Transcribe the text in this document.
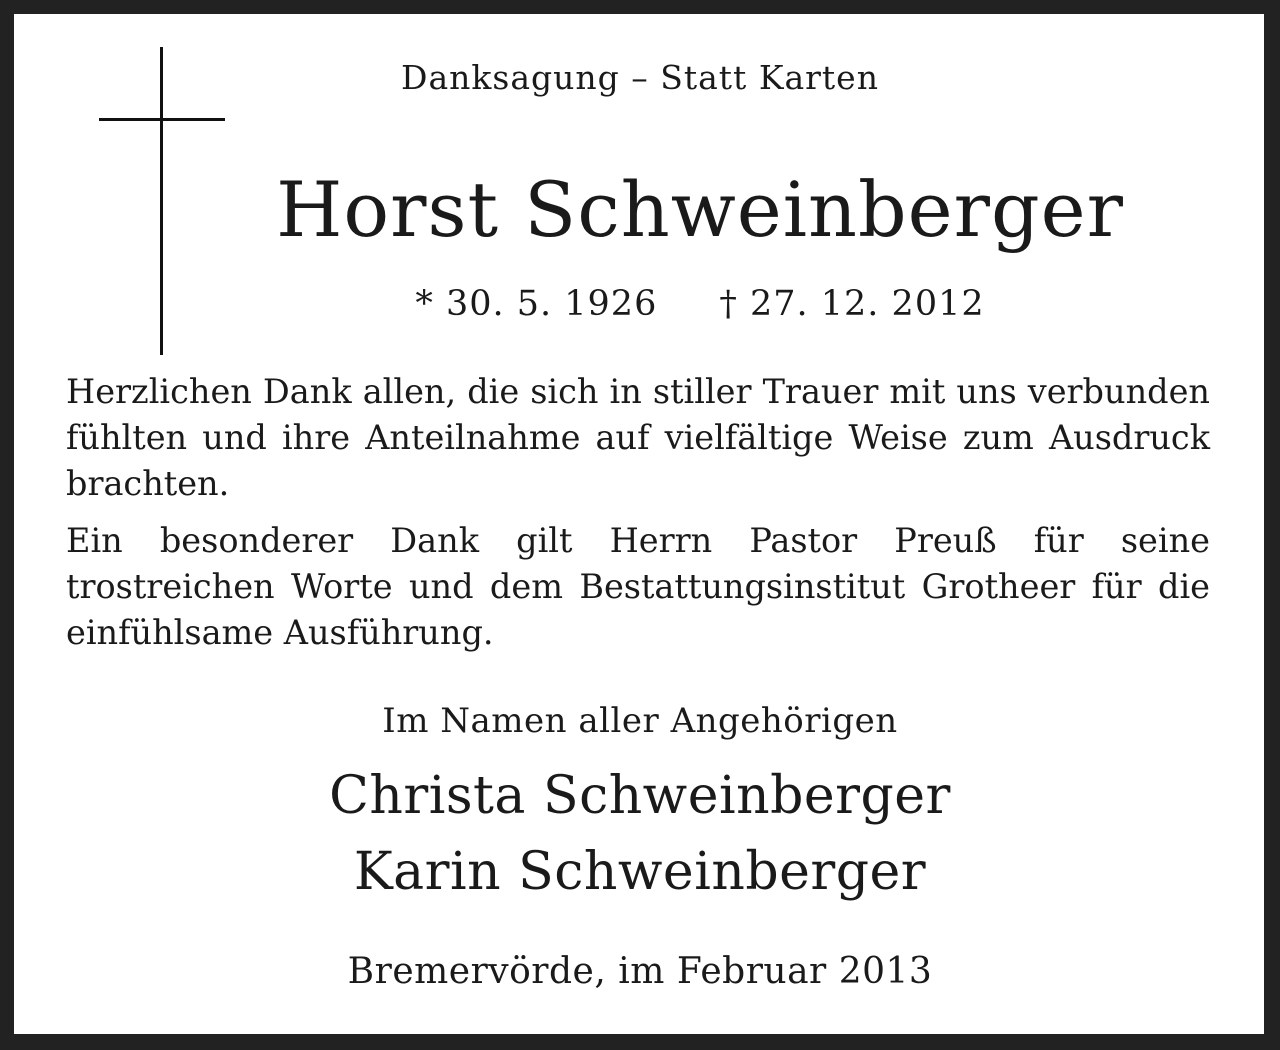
Danksagung – Statt Karten
Horst Schweinberger
* 30. 5. 1926 † 27. 12. 2012
Herzlichen Dank allen, die sich in stiller Trauer mit uns verbunden fühlten und ihre Anteilnahme auf vielfältige Weise zum Ausdruck brachten.
Ein besonderer Dank gilt Herrn Pastor Preuß für seine trostreichen Worte und dem Bestattungsinstitut Grotheer für die einfühlsame Ausführung.
Im Namen aller Angehörigen
Christa Schweinberger
Karin Schweinberger
Bremervörde, im Februar 2013
